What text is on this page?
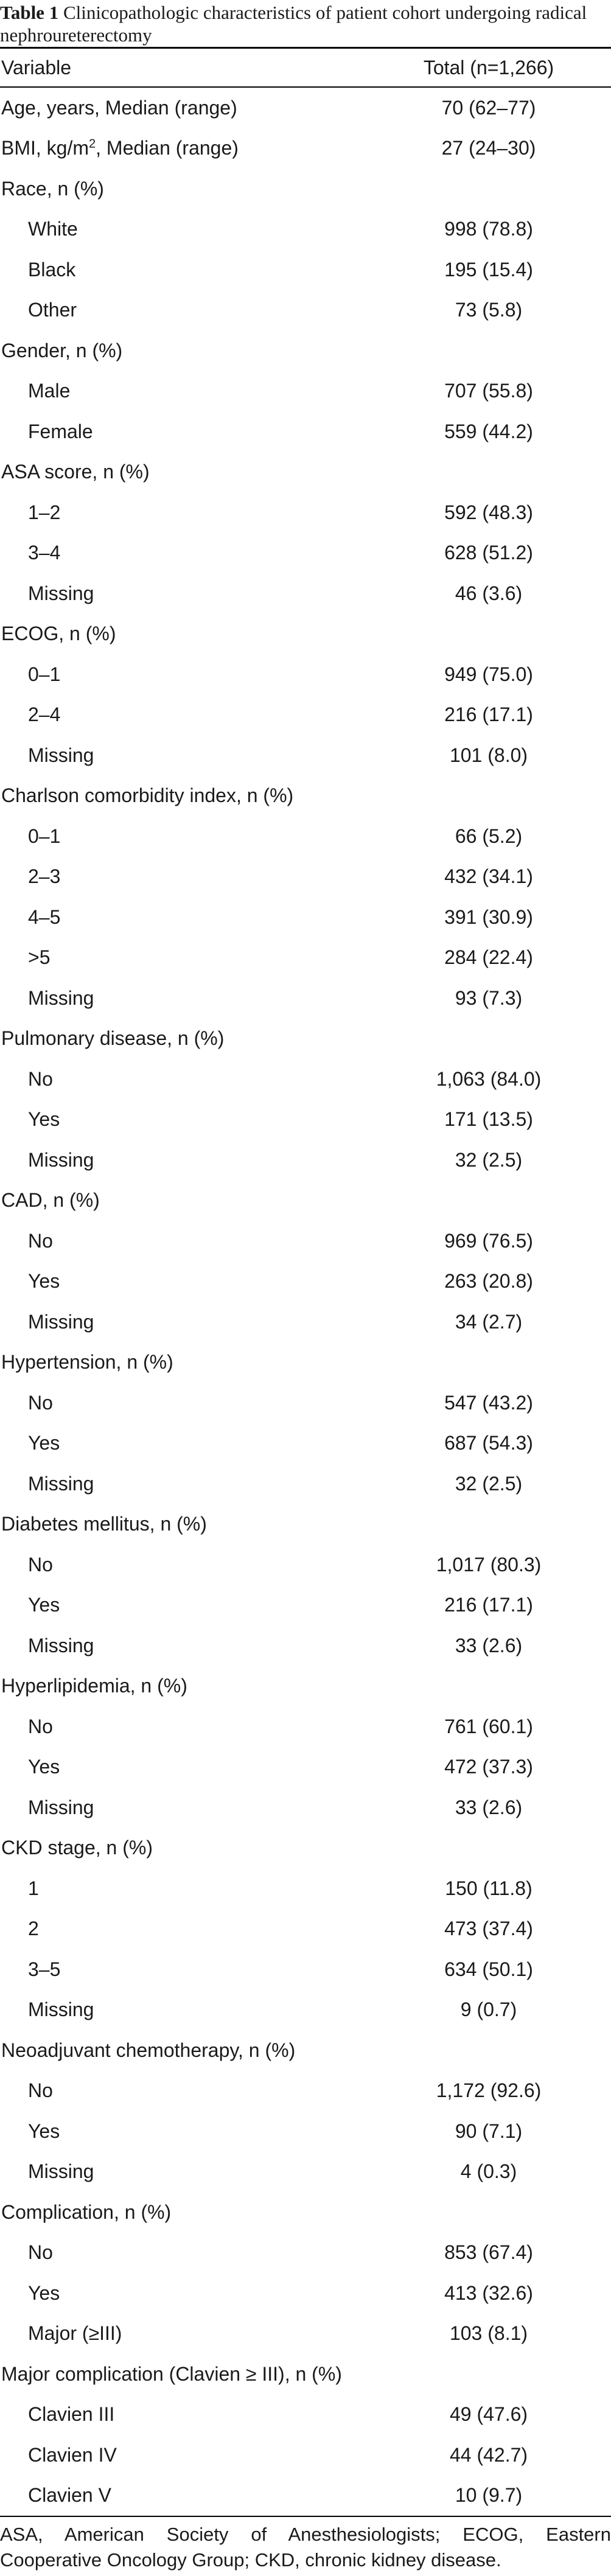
Table 1 Clinicopathologic characteristics of patient cohort undergoing radical nephroureterectomy
Variable	Total (n=1,266)
Age, years, Median (range)	70 (62–77)
BMI, $kg/m^2$, Median (range)	27 (24–30)
Race, n (%)
White	998 (78.8)
Black	195 (15.4)
Other	73 (5.8)
Gender, n (%)
Male	707 (55.8)
Female	559 (44.2)
ASA score, n (%)
1–2	592 (48.3)
3–4	628 (51.2)
Missing	46 (3.6)
ECOG, n (%)
0–1	949 (75.0)
2–4	216 (17.1)
Missing	101 (8.0)
Charlson comorbidity index, n (%)
0–1	66 (5.2)
2–3	432 (34.1)
4–5	391 (30.9)
>5	284 (22.4)
Missing	93 (7.3)
Pulmonary disease, n (%)
No	1,063 (84.0)
Yes	171 (13.5)
Missing	32 (2.5)
CAD, n (%)
No	969 (76.5)
Yes	263 (20.8)
Missing	34 (2.7)
Hypertension, n (%)
No	547 (43.2)
Yes	687 (54.3)
Missing	32 (2.5)
Diabetes mellitus, n (%)
No	1,017 (80.3)
Yes	216 (17.1)
Missing	33 (2.6)
Hyperlipidemia, n (%)
No	761 (60.1)
Yes	472 (37.3)
Missing	33 (2.6)
CKD stage, n (%)
1	150 (11.8)
2	473 (37.4)
3–5	634 (50.1)
Missing	9 (0.7)
Neoadjuvant chemotherapy, n (%)
No	1,172 (92.6)
Yes	90 (7.1)
Missing	4 (0.3)
Complication, n (%)
No	853 (67.4)
Yes	413 (32.6)
Major (≥III)	103 (8.1)
Major complication (Clavien ≥ III), n (%)
Clavien III	49 (47.6)
Clavien IV	44 (42.7)
Clavien V	10 (9.7)
ASA, American Society of Anesthesiologists; ECOG, Eastern Cooperative Oncology Group; CKD, chronic kidney disease.
